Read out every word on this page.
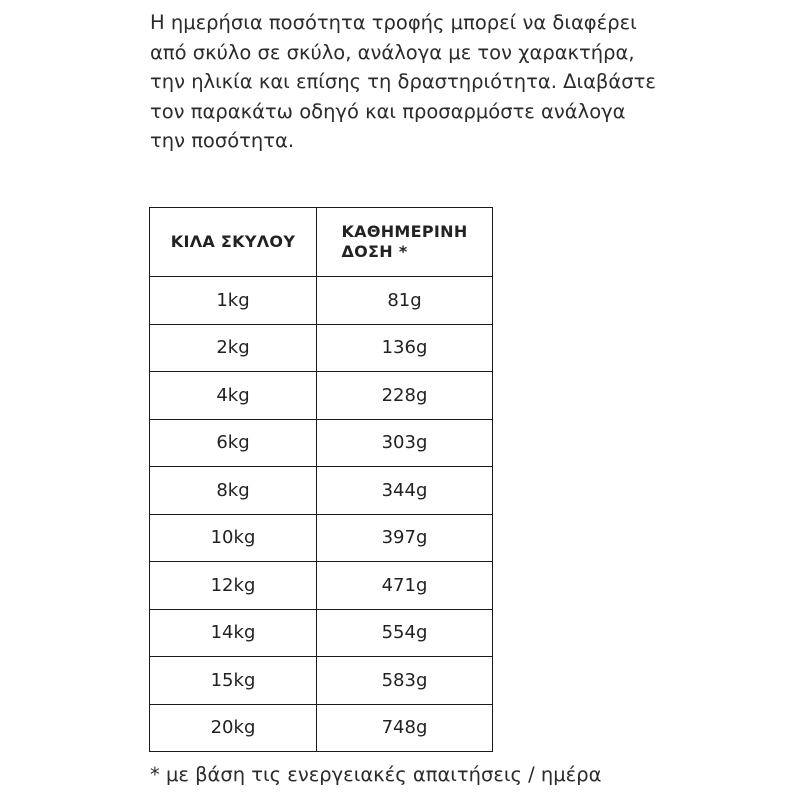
Η ημερήσια ποσότητα τροφής μπορεί να διαφέρει
από σκύλο σε σκύλο, ανάλογα με τον χαρακτήρα,
την ηλικία και επίσης τη δραστηριότητα. Διαβάστε
τον παρακάτω οδηγό και προσαρμόστε ανάλογα
την ποσότητα.

ΚΙΛΑ ΣΚΥΛΟΥ	ΚΑΘΗΜΕΡΙΝΗ
ΔΟΣΗ *
1kg	81g
2kg	136g
4kg	228g
6kg	303g
8kg	344g
10kg	397g
12kg	471g
14kg	554g
15kg	583g
20kg	748g

* με βάση τις ενεργειακές απαιτήσεις / ημέρα
